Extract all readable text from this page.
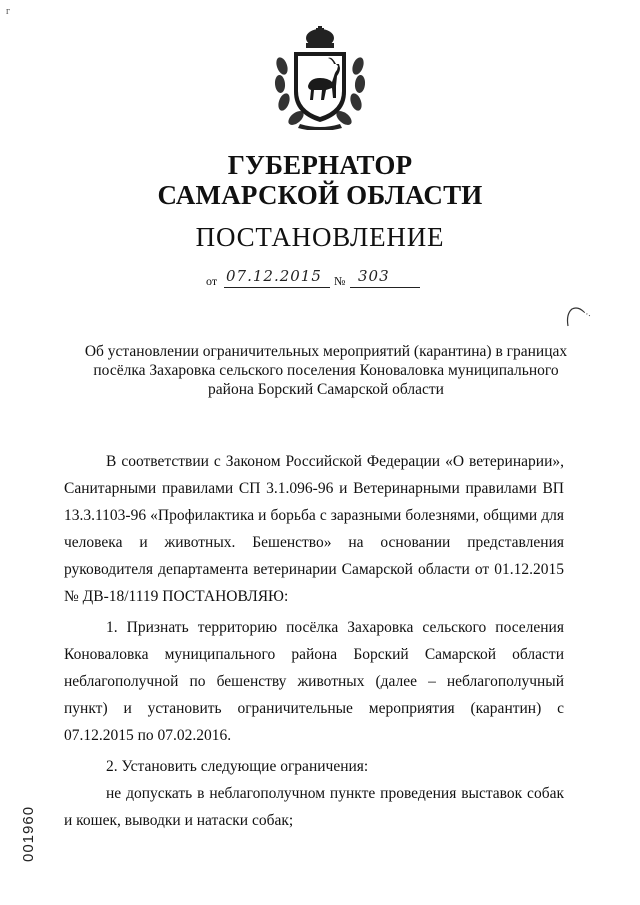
г
ГУБЕРНАТОР
САМАРСКОЙ ОБЛАСТИ
ПОСТАНОВЛЕНИЕ
от 07.12.2015 № 303
Об установлении ограничительных мероприятий (карантина) в границах
посёлка Захаровка сельского поселения Коноваловка муниципального
района Борский Самарской области

В соответствии с Законом Российской Федерации «О ветеринарии», Санитарными правилами СП 3.1.096-96 и Ветеринарными правилами ВП 13.3.1103-96 «Профилактика и борьба с заразными болезнями, общими для человека и животных. Бешенство» на основании представления руководителя департамента ветеринарии Самарской области от 01.12.2015 № ДВ-18/1119 ПОСТАНОВЛЯЮ:

1. Признать территорию посёлка Захаровка сельского поселения Коноваловка муниципального района Борский Самарской области неблагополучной по бешенству животных (далее – неблагополучный пункт) и установить ограничительные мероприятия (карантин) с 07.12.2015 по 07.02.2016.

2. Установить следующие ограничения:

не допускать в неблагополучном пункте проведения выставок собак и кошек, выводки и натаски собак;

001960
